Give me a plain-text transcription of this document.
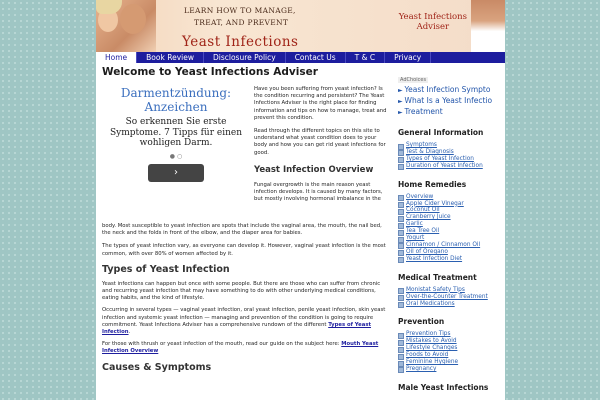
LEARN HOW TO MANAGE,
TREAT, AND PREVENT
Yeast Infections
Yeast Infections
Adviser
Home	Book Review	Disclosure Policy	Contact Us	T & C	Privacy
Welcome to Yeast Infections Adviser
Darmentzündung: Anzeichen
So erkennen Sie erste Symptome. 7 Tipps für einen wohligen Darm.
● ○
›

Have you been suffering from yeast infection? Is the condition recurring and persistent? The Yeast Infections Adviser is the right place for finding information and tips on how to manage, treat and prevent this condition.

Read through the different topics on this site to understand what yeast condition does to your body and how you can get rid yeast infections for good.

Yeast Infection Overview

Fungal overgrowth is the main reason yeast infection develops. It is caused by many factors, but mostly involving hormonal imbalance in the

body. Most susceptible to yeast infection are spots that include the vaginal area, the mouth, the nail bed, the neck and the folds in front of the elbow, and the diaper area for babies.

The types of yeast infection vary, as everyone can develop it. However, vaginal yeast infection is the most common, with over 80% of women affected by it.

Types of Yeast Infection

Yeast infections can happen but once with some people. But there are those who can suffer from chronic and recurring yeast infection that may have something to do with other underlying medical conditions, eating habits, and the kind of lifestyle.

Occurring in several types — vaginal yeast infection, oral yeast infection, penile yeast infection, skin yeast infection and systemic yeast infection — managing and prevention of the condition is going to require commitment. Yeast Infections Adviser has a comprehensive rundown of the different Types of Yeast Infection.

For those with thrush or yeast infection of the mouth, read our guide on the subject here: Mouth Yeast Infection Overview

Causes & Symptoms
AdChoices
► Yeast Infection Sympto
► What Is a Yeast Infectio
► Treatment
General Information
Symptoms
Test & Diagnosis
Types of Yeast Infection
Duration of Yeast Infection
Home Remedies
Overview
Apple Cider Vinegar
Coconut Oil
Cranberry Juice
Garlic
Tea Tree Oil
Yogurt
Cinnamon / Cinnamon Oil
Oil of Oregano
Yeast Infection Diet
Medical Treatment
Monistat Safety Tips
Over-the-Counter Treatment
Oral Medications
Prevention
Prevention Tips
Mistakes to Avoid
Lifestyle Changes
Foods to Avoid
Feminine Hygiene
Pregnancy
Male Yeast Infections
